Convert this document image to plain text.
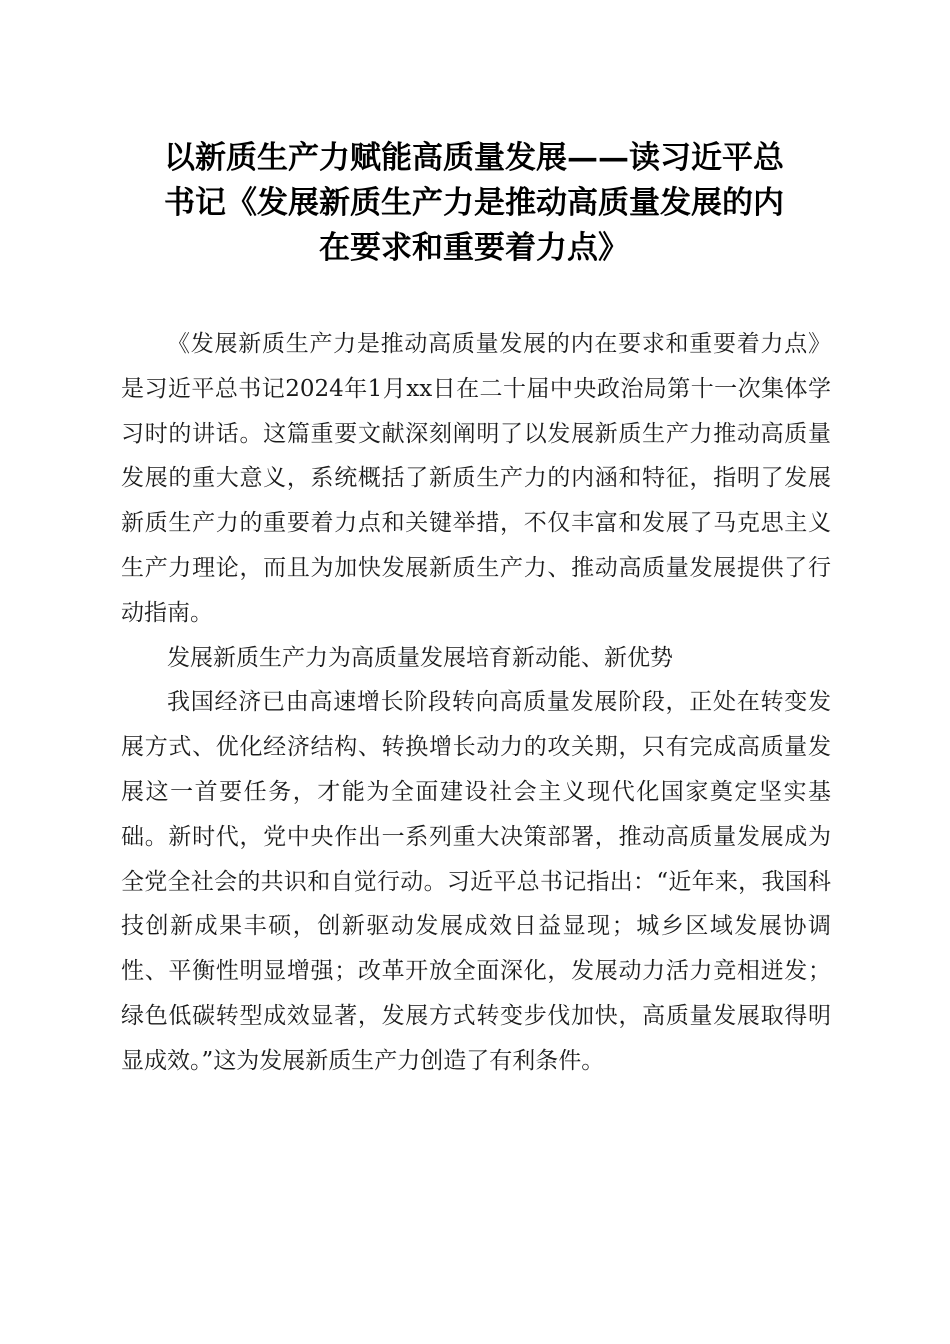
以新质生产力赋能高质量发展——读习近平总
书记《发展新质生产力是推动高质量发展的内
在要求和重要着力点》

《发展新质生产力是推动高质量发展的内在要求和重要着力点》是习近平总书记2024年1月xx日在二十届中央政治局第十一次集体学习时的讲话。这篇重要文献深刻阐明了以发展新质生产力推动高质量发展的重大意义，系统概括了新质生产力的内涵和特征，指明了发展新质生产力的重要着力点和关键举措，不仅丰富和发展了马克思主义生产力理论，而且为加快发展新质生产力、推动高质量发展提供了行动指南。

发展新质生产力为高质量发展培育新动能、新优势

我国经济已由高速增长阶段转向高质量发展阶段，正处在转变发展方式、优化经济结构、转换增长动力的攻关期，只有完成高质量发展这一首要任务，才能为全面建设社会主义现代化国家奠定坚实基础。新时代，党中央作出一系列重大决策部署，推动高质量发展成为全党全社会的共识和自觉行动。习近平总书记指出：“近年来，我国科技创新成果丰硕，创新驱动发展成效日益显现；城乡区域发展协调性、平衡性明显增强；改革开放全面深化，发展动力活力竞相迸发；绿色低碳转型成效显著，发展方式转变步伐加快，高质量发展取得明显成效。”这为发展新质生产力创造了有利条件。
